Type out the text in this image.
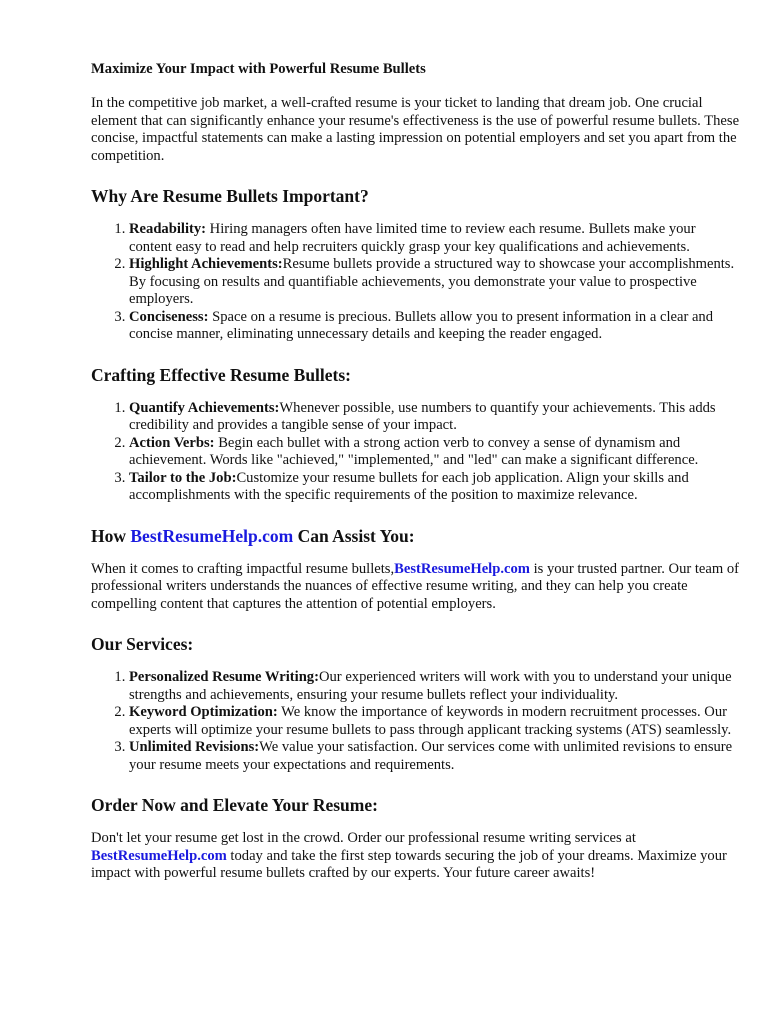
Maximize Your Impact with Powerful Resume Bullets

In the competitive job market, a well-crafted resume is your ticket to landing that dream job. One crucial element that can significantly enhance your resume's effectiveness is the use of powerful resume bullets. These concise, impactful statements can make a lasting impression on potential employers and set you apart from the competition.

Why Are Resume Bullets Important?
1. Readability: Hiring managers often have limited time to review each resume. Bullets make your content easy to read and help recruiters quickly grasp your key qualifications and achievements.
2. Highlight Achievements:Resume bullets provide a structured way to showcase your accomplishments. By focusing on results and quantifiable achievements, you demonstrate your value to prospective employers.
3. Conciseness: Space on a resume is precious. Bullets allow you to present information in a clear and concise manner, eliminating unnecessary details and keeping the reader engaged.
Crafting Effective Resume Bullets:
1. Quantify Achievements:Whenever possible, use numbers to quantify your achievements. This adds credibility and provides a tangible sense of your impact.
2. Action Verbs: Begin each bullet with a strong action verb to convey a sense of dynamism and achievement. Words like "achieved," "implemented," and "led" can make a significant difference.
3. Tailor to the Job:Customize your resume bullets for each job application. Align your skills and accomplishments with the specific requirements of the position to maximize relevance.
How BestResumeHelp.com Can Assist You:

When it comes to crafting impactful resume bullets,BestResumeHelp.com is your trusted partner. Our team of professional writers understands the nuances of effective resume writing, and they can help you create compelling content that captures the attention of potential employers.

Our Services:
1. Personalized Resume Writing:Our experienced writers will work with you to understand your unique strengths and achievements, ensuring your resume bullets reflect your individuality.
2. Keyword Optimization: We know the importance of keywords in modern recruitment processes. Our experts will optimize your resume bullets to pass through applicant tracking systems (ATS) seamlessly.
3. Unlimited Revisions:We value your satisfaction. Our services come with unlimited revisions to ensure your resume meets your expectations and requirements.
Order Now and Elevate Your Resume:

Don't let your resume get lost in the crowd. Order our professional resume writing services at BestResumeHelp.com today and take the first step towards securing the job of your dreams. Maximize your impact with powerful resume bullets crafted by our experts. Your future career awaits!
